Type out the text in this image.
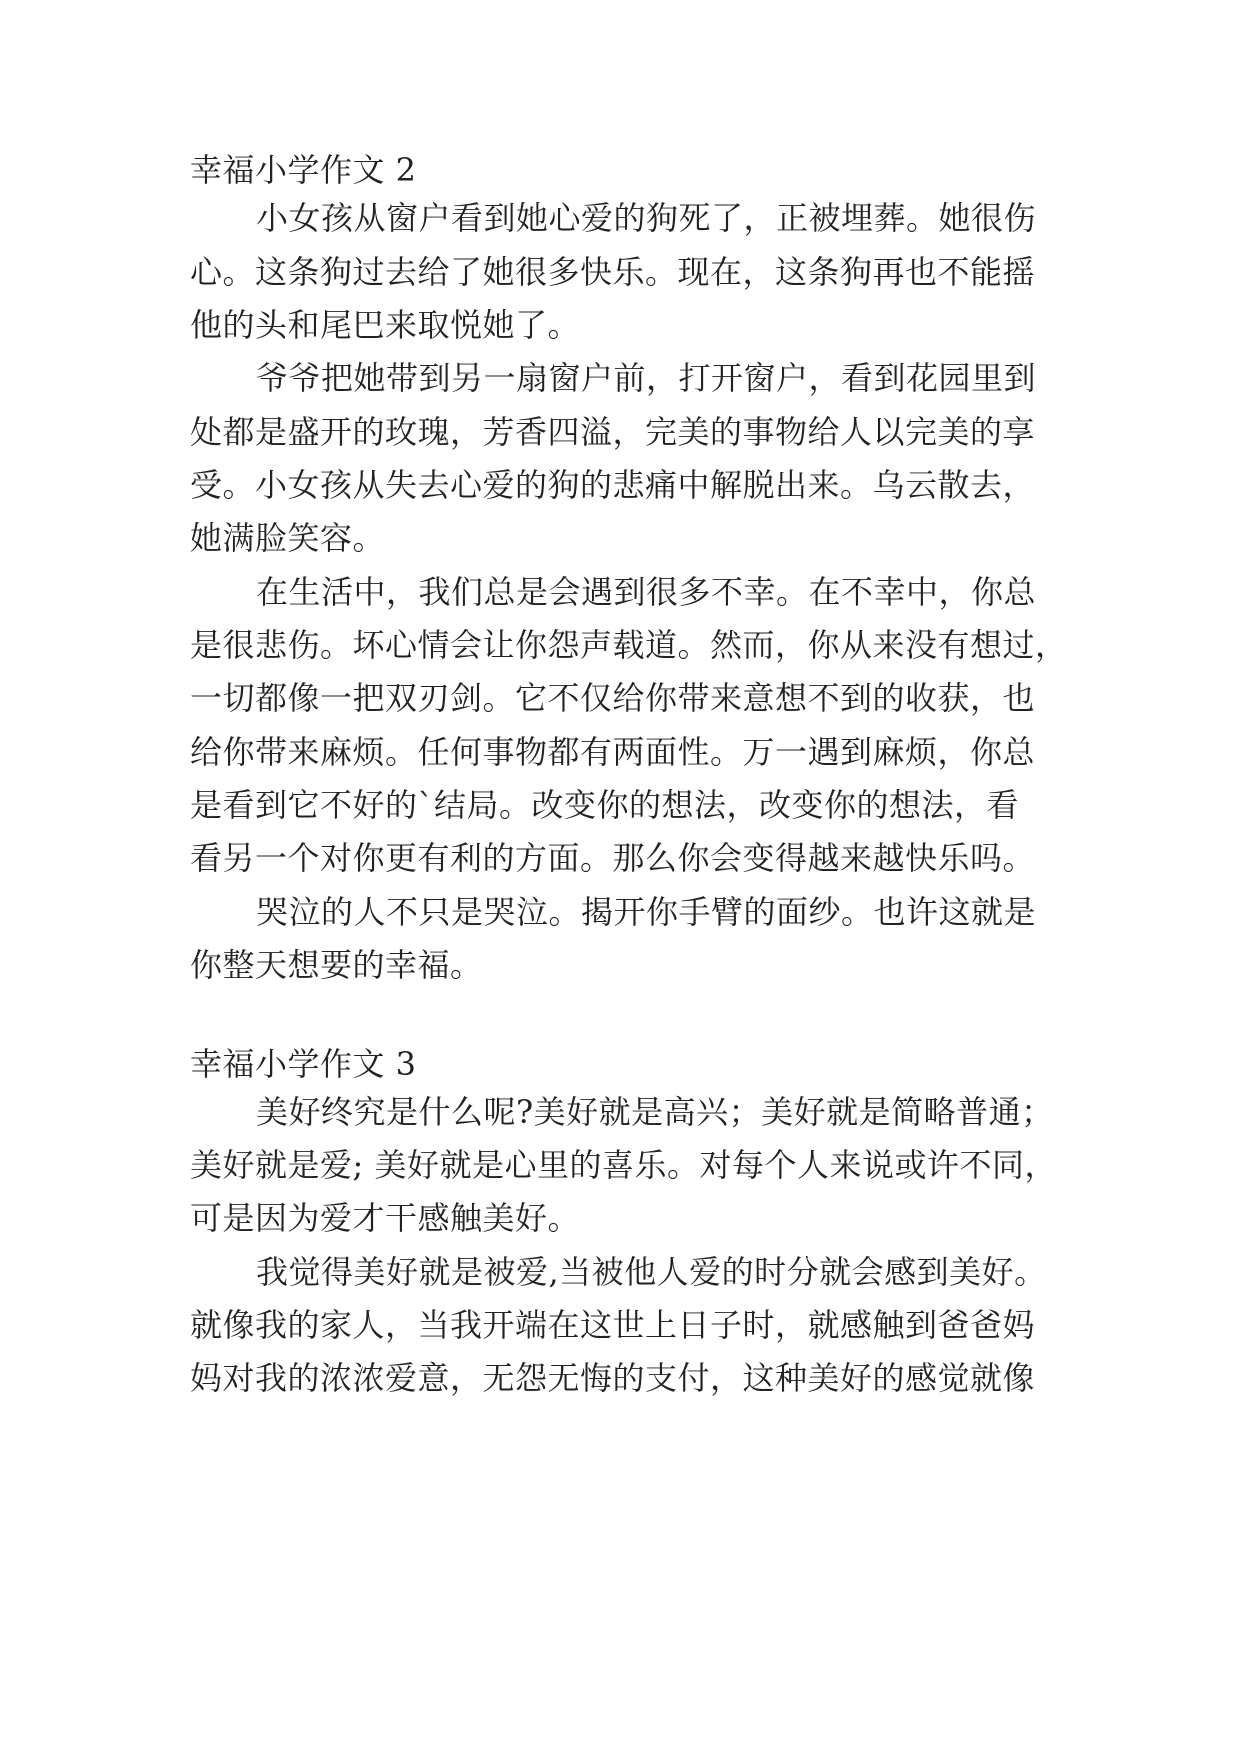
幸福小学作文 2
小女孩从窗户看到她心爱的狗死了，正被埋葬。她很伤
心。这条狗过去给了她很多快乐。现在，这条狗再也不能摇
他的头和尾巴来取悦她了。
爷爷把她带到另一扇窗户前，打开窗户，看到花园里到
处都是盛开的玫瑰，芳香四溢，完美的事物给人以完美的享
受。小女孩从失去心爱的狗的悲痛中解脱出来。乌云散去，
她满脸笑容。
在生活中，我们总是会遇到很多不幸。在不幸中，你总
是很悲伤。坏心情会让你怨声载道。然而，你从来没有想过，
一切都像一把双刃剑。它不仅给你带来意想不到的收获，也
给你带来麻烦。任何事物都有两面性。万一遇到麻烦，你总
是看到它不好的`结局。改变你的想法，改变你的想法，看
看另一个对你更有利的方面。那么你会变得越来越快乐吗。
哭泣的人不只是哭泣。揭开你手臂的面纱。也许这就是
你整天想要的幸福。
幸福小学作文 3
美好终究是什么呢?美好就是高兴；美好就是简略普通；
美好就是爱; 美好就是心里的喜乐。对每个人来说或许不同，
可是因为爱才干感触美好。
我觉得美好就是被爱,当被他人爱的时分就会感到美好。
就像我的家人，当我开端在这世上日子时，就感触到爸爸妈
妈对我的浓浓爱意，无怨无悔的支付，这种美好的感觉就像
